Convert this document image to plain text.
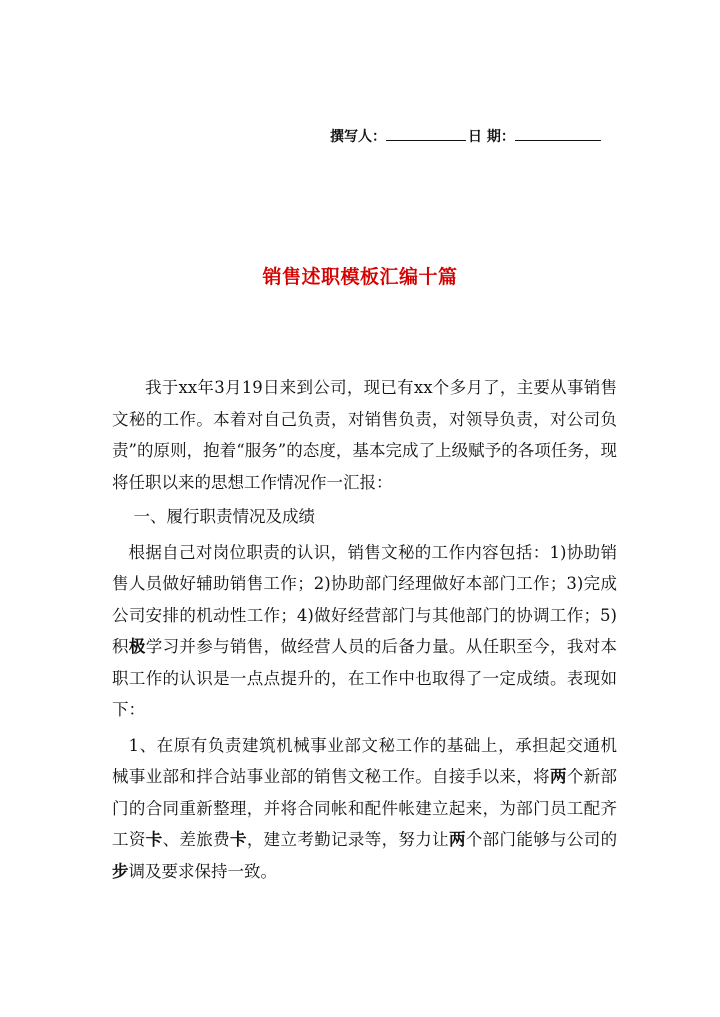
撰写人：	日 期：
销售述职模板汇编十篇

我于xx年3月19日来到公司，现已有xx个多月了，主要从事销售文秘的工作。本着对自己负责，对销售负责，对领导负责，对公司负责”的原则，抱着“服务”的态度，基本完成了上级赋予的各项任务，现将任职以来的思想工作情况作一汇报：

一、履行职责情况及成绩

根据自己对岗位职责的认识，销售文秘的工作内容包括：1)协助销售人员做好辅助销售工作；2)协助部门经理做好本部门工作；3)完成公司安排的机动性工作；4)做好经营部门与其他部门的协调工作；5)积极学习并参与销售，做经营人员的后备力量。从任职至今，我对本职工作的认识是一点点提升的，在工作中也取得了一定成绩。表现如下：

1、在原有负责建筑机械事业部文秘工作的基础上，承担起交通机械事业部和拌合站事业部的销售文秘工作。自接手以来，将两个新部门的合同重新整理，并将合同帐和配件帐建立起来，为部门员工配齐工资卡、差旅费卡，建立考勤记录等，努力让两个部门能够与公司的步调及要求保持一致。
